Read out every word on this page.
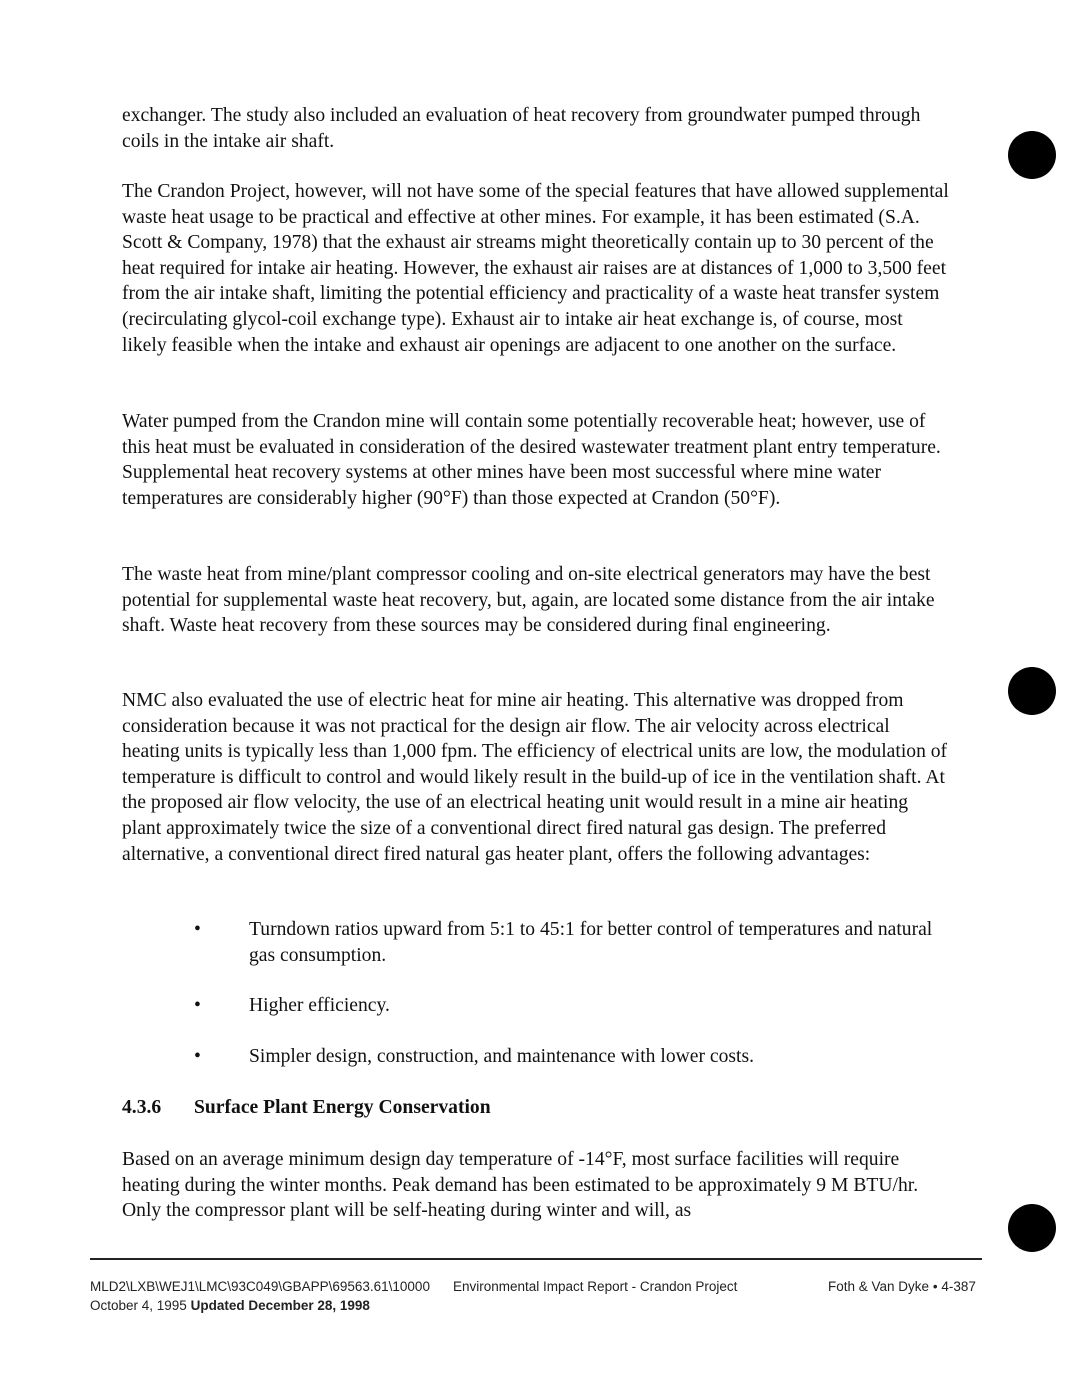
exchanger. The study also included an evaluation of heat recovery from groundwater pumped through coils in the intake air shaft.

The Crandon Project, however, will not have some of the special features that have allowed supplemental waste heat usage to be practical and effective at other mines. For example, it has been estimated (S.A. Scott & Company, 1978) that the exhaust air streams might theoretically contain up to 30 percent of the heat required for intake air heating. However, the exhaust air raises are at distances of 1,000 to 3,500 feet from the air intake shaft, limiting the potential efficiency and practicality of a waste heat transfer system (recirculating glycol-coil exchange type). Exhaust air to intake air heat exchange is, of course, most likely feasible when the intake and exhaust air openings are adjacent to one another on the surface.

Water pumped from the Crandon mine will contain some potentially recoverable heat; however, use of this heat must be evaluated in consideration of the desired wastewater treatment plant entry temperature. Supplemental heat recovery systems at other mines have been most successful where mine water temperatures are considerably higher (90°F) than those expected at Crandon (50°F).

The waste heat from mine/plant compressor cooling and on-site electrical generators may have the best potential for supplemental waste heat recovery, but, again, are located some distance from the air intake shaft. Waste heat recovery from these sources may be considered during final engineering.

NMC also evaluated the use of electric heat for mine air heating. This alternative was dropped from consideration because it was not practical for the design air flow. The air velocity across electrical heating units is typically less than 1,000 fpm. The efficiency of electrical units are low, the modulation of temperature is difficult to control and would likely result in the build-up of ice in the ventilation shaft. At the proposed air flow velocity, the use of an electrical heating unit would result in a mine air heating plant approximately twice the size of a conventional direct fired natural gas design. The preferred alternative, a conventional direct fired natural gas heater plant, offers the following advantages:

• Turndown ratios upward from 5:1 to 45:1 for better control of temperatures and natural gas consumption.
• Higher efficiency.
• Simpler design, construction, and maintenance with lower costs.
4.3.6 Surface Plant Energy Conservation

Based on an average minimum design day temperature of -14°F, most surface facilities will require heating during the winter months. Peak demand has been estimated to be approximately 9 M BTU/hr. Only the compressor plant will be self-heating during winter and will, as

MLD2\LXB\WEJ1\LMC\93C049\GBAPP\69563.61\10000
October 4, 1995 Updated December 28, 1998
Environmental Impact Report - Crandon Project	Foth & Van Dyke • 4-387
